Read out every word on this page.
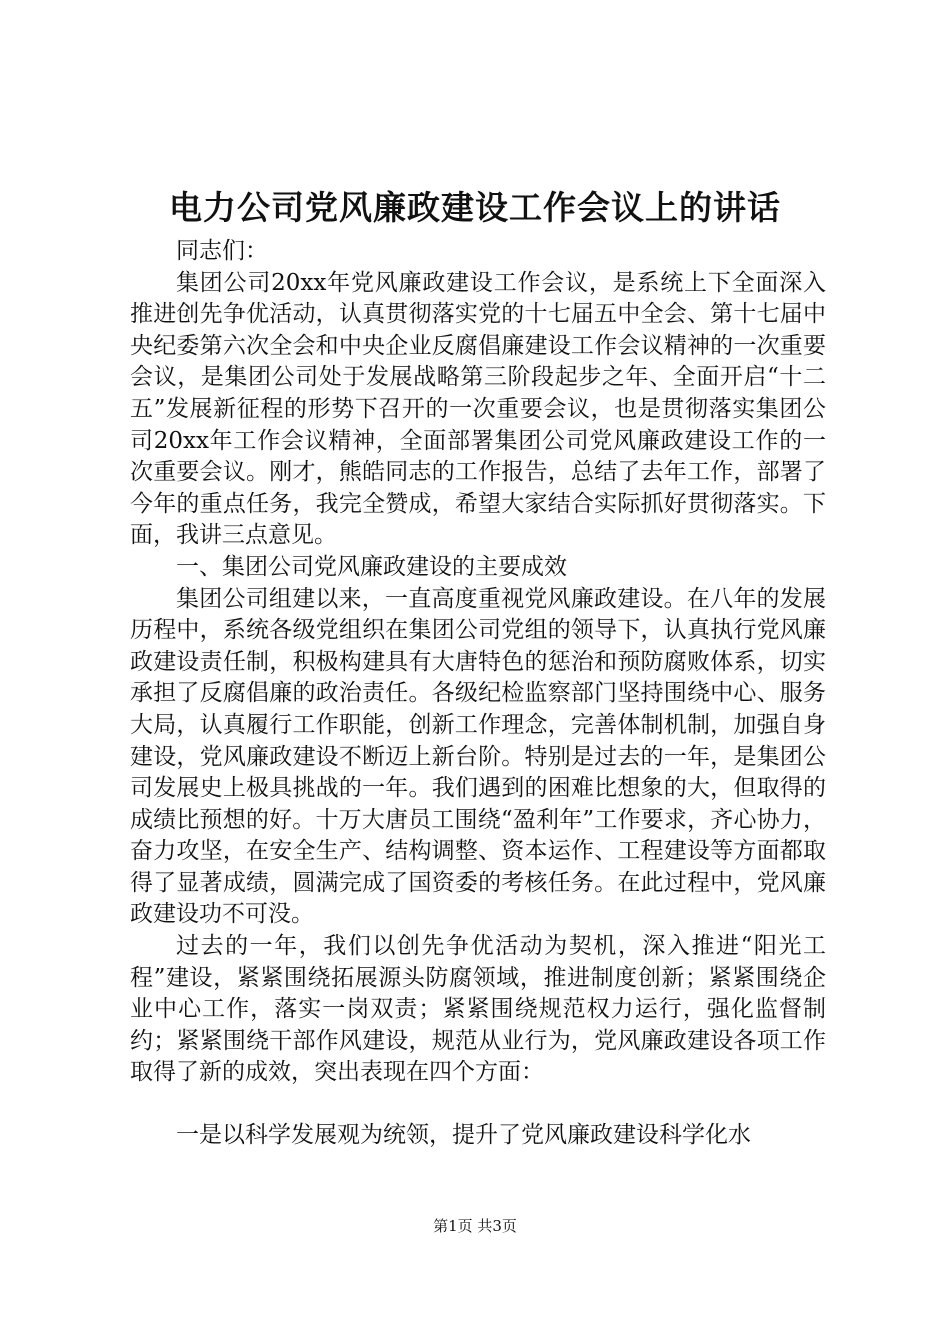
电力公司党风廉政建设工作会议上的讲话

同志们：

集团公司20xx年党风廉政建设工作会议，是系统上下全面深入推进创先争优活动，认真贯彻落实党的十七届五中全会、第十七届中央纪委第六次全会和中央企业反腐倡廉建设工作会议精神的一次重要会议，是集团公司处于发展战略第三阶段起步之年、全面开启“十二五”发展新征程的形势下召开的一次重要会议，也是贯彻落实集团公司20xx年工作会议精神，全面部署集团公司党风廉政建设工作的一次重要会议。刚才，熊皓同志的工作报告，总结了去年工作，部署了今年的重点任务，我完全赞成，希望大家结合实际抓好贯彻落实。下面，我讲三点意见。

一、集团公司党风廉政建设的主要成效

集团公司组建以来，一直高度重视党风廉政建设。在八年的发展历程中，系统各级党组织在集团公司党组的领导下，认真执行党风廉政建设责任制，积极构建具有大唐特色的惩治和预防腐败体系，切实承担了反腐倡廉的政治责任。各级纪检监察部门坚持围绕中心、服务大局，认真履行工作职能，创新工作理念，完善体制机制，加强自身建设，党风廉政建设不断迈上新台阶。特别是过去的一年，是集团公司发展史上极具挑战的一年。我们遇到的困难比想象的大，但取得的成绩比预想的好。十万大唐员工围绕“盈利年”工作要求，齐心协力，奋力攻坚，在安全生产、结构调整、资本运作、工程建设等方面都取得了显著成绩，圆满完成了国资委的考核任务。在此过程中，党风廉政建设功不可没。

过去的一年，我们以创先争优活动为契机，深入推进“阳光工程”建设，紧紧围绕拓展源头防腐领域，推进制度创新；紧紧围绕企业中心工作，落实一岗双责；紧紧围绕规范权力运行，强化监督制约；紧紧围绕干部作风建设，规范从业行为，党风廉政建设各项工作取得了新的成效，突出表现在四个方面：

一是以科学发展观为统领，提升了党风廉政建设科学化水

第1页 共3页
